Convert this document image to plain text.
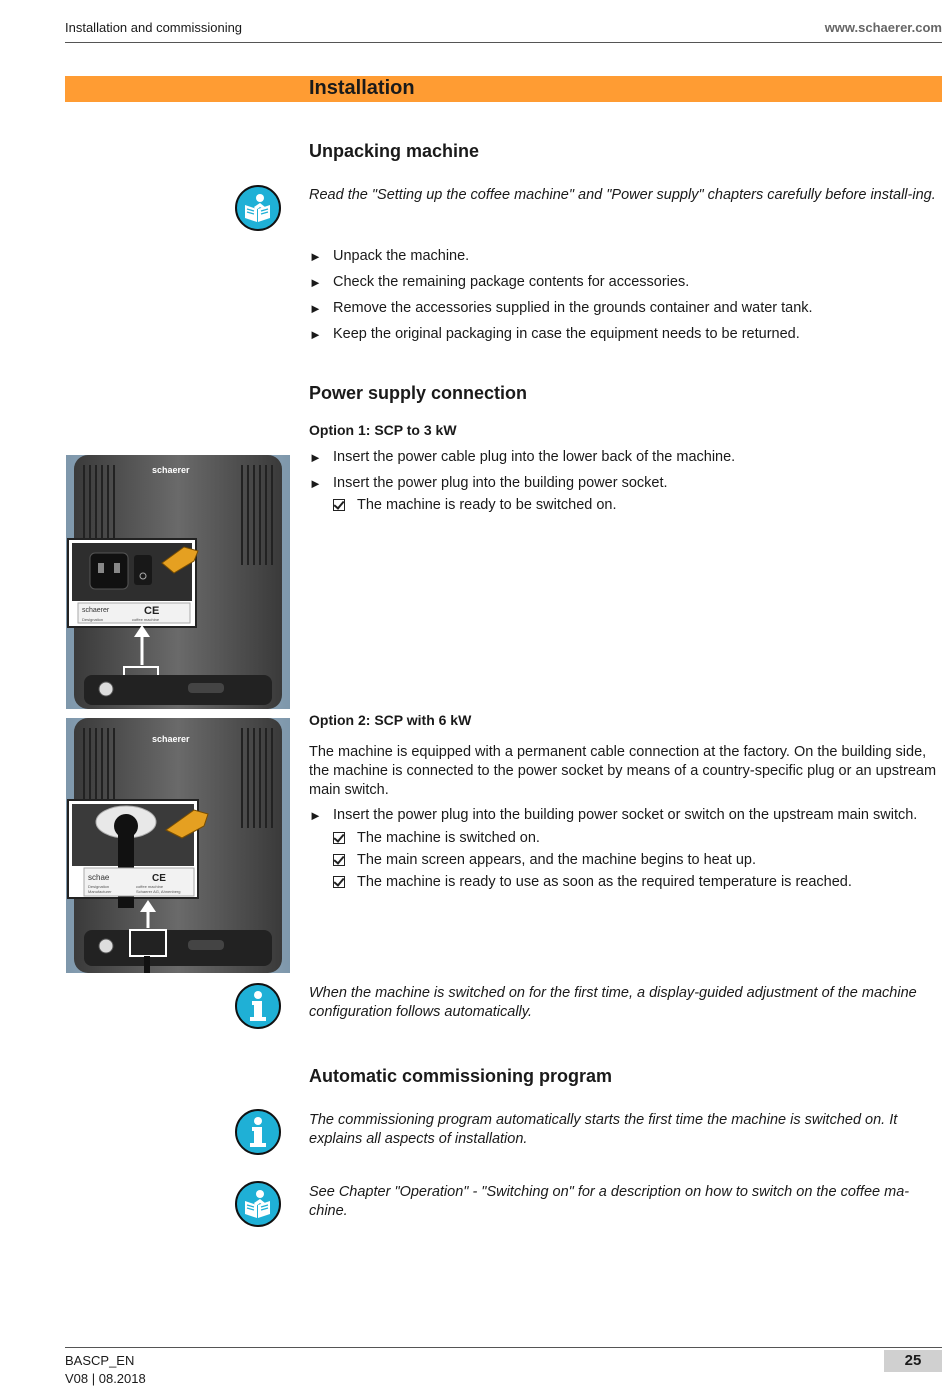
Installation and commissioning	www.schaerer.com
Installation
Unpacking machine
Read the "Setting up the coffee machine" and "Power supply" chapters carefully before install-ing.
► Unpack the machine.
► Check the remaining package contents for accessories.
► Remove the accessories supplied in the grounds container and water tank.
► Keep the original packaging in case the equipment needs to be returned.
Power supply connection
Option 1: SCP to 3 kW
► Insert the power cable plug into the lower back of the machine.
► Insert the power plug into the building power socket.
The machine is ready to be switched on.
schaerer
schaerer	CE
Designation	coffee machine
Option 2: SCP with 6 kW
The machine is equipped with a permanent cable connection at the factory. On the building side, the machine is connected to the power socket by means of a country-specific plug or an upstream main switch.
► Insert the power plug into the building power socket or switch on the upstream main switch.
The machine is switched on.
The main screen appears, and the machine begins to heat up.
The machine is ready to use as soon as the required temperature is reached.
schaerer
schae	CE
Designation	coffee machine
Manufacturer	Schaerer AG, Ahnenberg
When the machine is switched on for the first time, a display-guided adjustment of the machine configuration follows automatically.
Automatic commissioning program
The commissioning program automatically starts the first time the machine is switched on. It explains all aspects of installation.
See Chapter "Operation" - "Switching on" for a description on how to switch on the coffee ma-chine.
BASCP_EN
V08 | 08.2018
25
